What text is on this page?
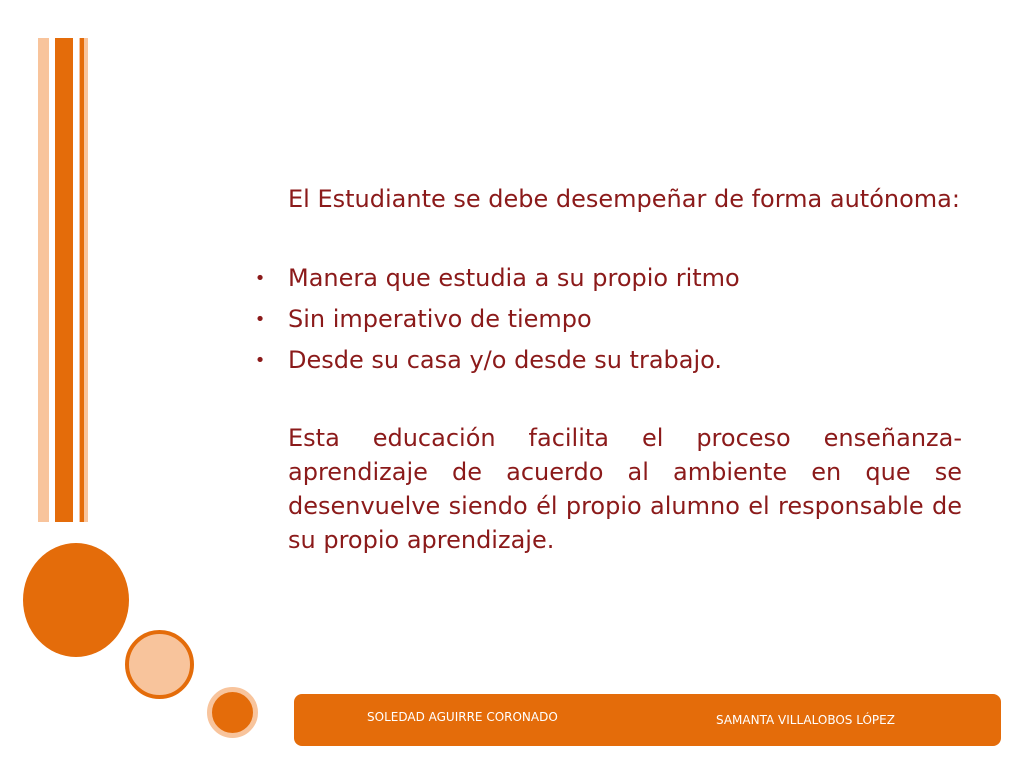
El Estudiante se debe desempeñar de forma autónoma:

• Manera que estudia a su propio ritmo
• Sin imperativo de tiempo
• Desde su casa y/o desde su trabajo.

Esta educación facilita el proceso enseñanza-aprendizaje de acuerdo al ambiente en que se desenvuelve siendo él propio alumno el responsable de su propio aprendizaje.

SOLEDAD AGUIRRE CORONADO	SAMANTA VILLALOBOS LÓPEZ
